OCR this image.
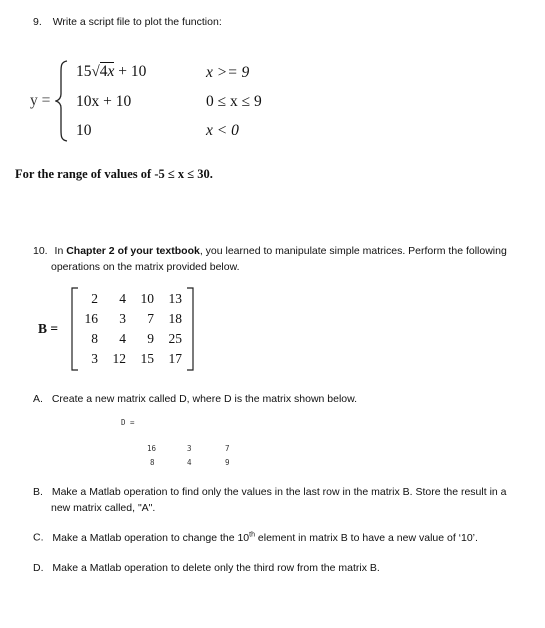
9. Write a script file to plot the function:
y =
15√4x + 10	x >= 9
10x + 10	0 ≤ x ≤ 9
10	x < 0
For the range of values of -5 ≤ x ≤ 30.
10. In Chapter 2 of your textbook, you learned to manipulate simple matrices. Perform the following
operations on the matrix provided below.
B =
2	4	10	13
16	3	7	18
8	4	9	25
3	12	15	17
A. Create a new matrix called D, where D is the matrix shown below.
D =
16	3	7
8	4	9
B. Make a Matlab operation to find only the values in the last row in the matrix B. Store the result in a
new matrix called, "A".
C. Make a Matlab operation to change the 10th element in matrix B to have a new value of ‘10’.
D. Make a Matlab operation to delete only the third row from the matrix B.
